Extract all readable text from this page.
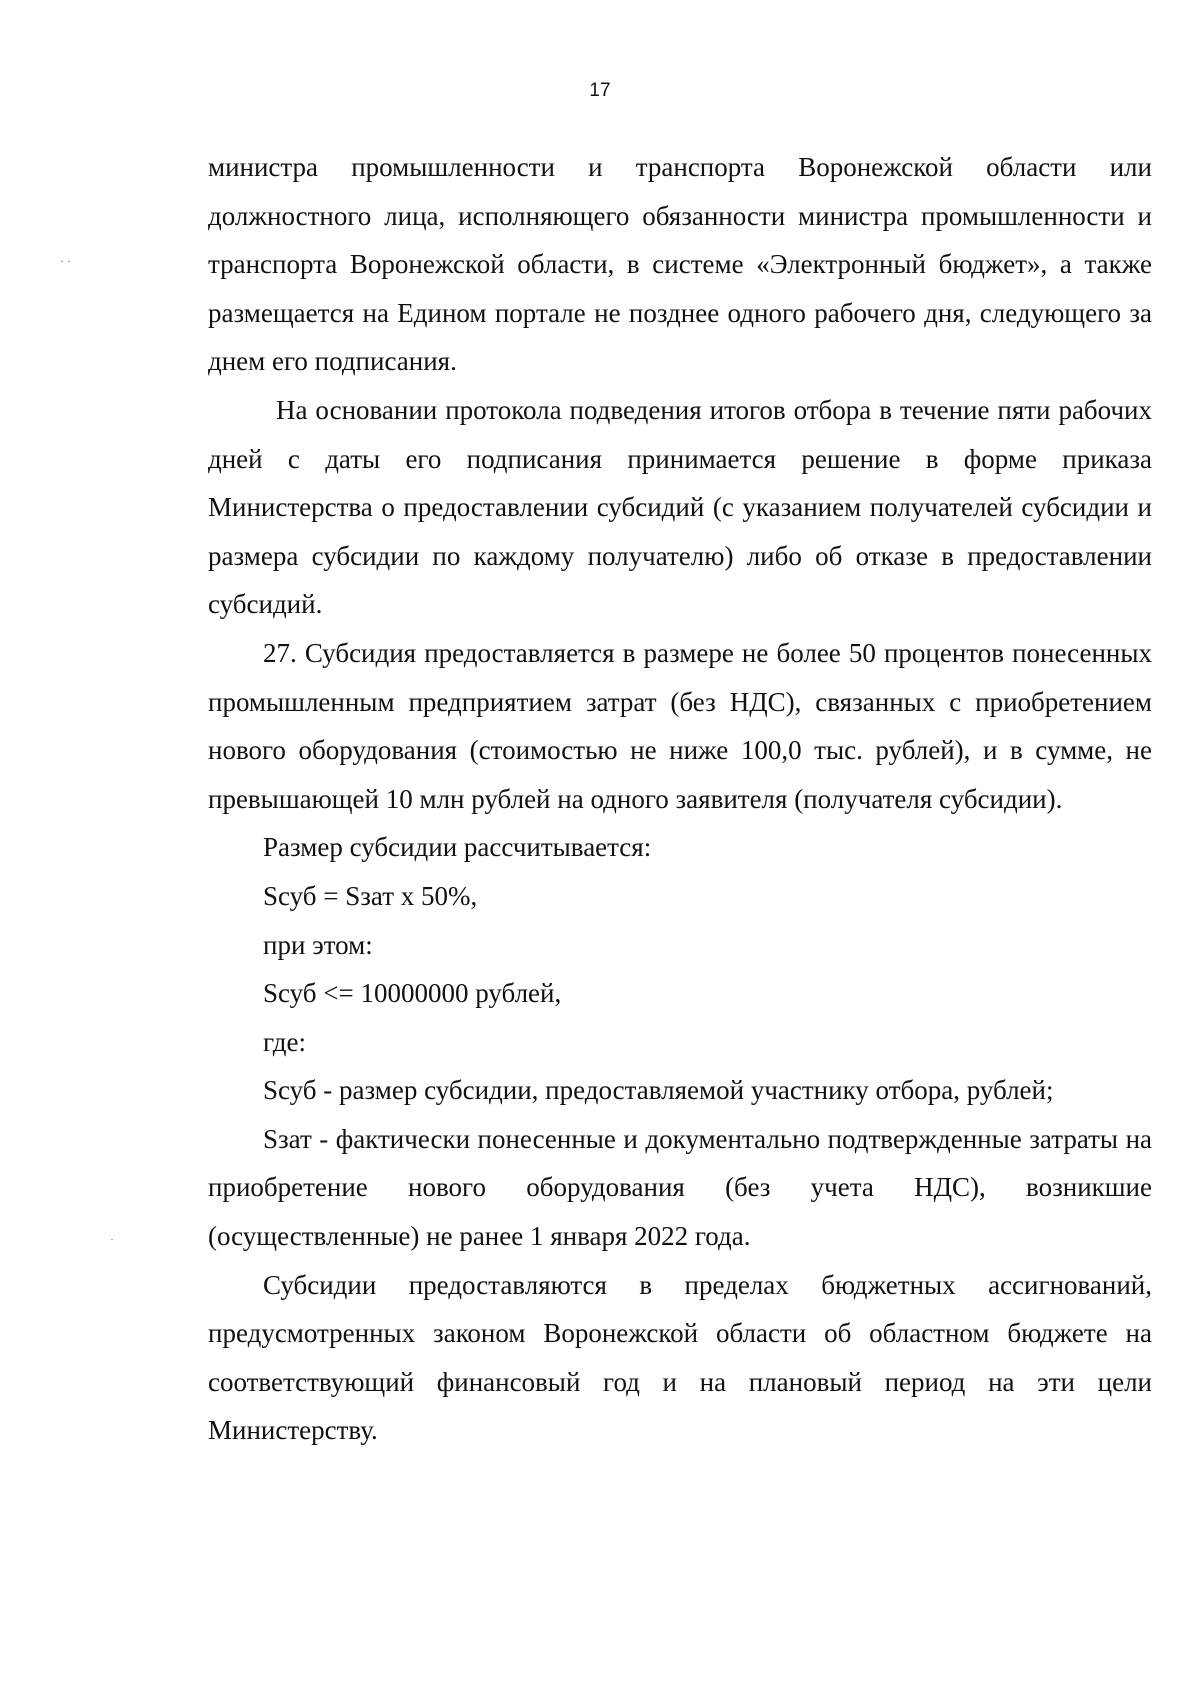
17
· ·
·

министра промышленности и транспорта Воронежской области или должностного лица, исполняющего обязанности министра промышленности и транспорта Воронежской области, в системе «Электронный бюджет», а также размещается на Едином портале не позднее одного рабочего дня, следующего за днем его подписания.

На основании протокола подведения итогов отбора в течение пяти рабочих дней с даты его подписания принимается решение в форме приказа Министерства о предоставлении субсидий (с указанием получателей субсидии и размера субсидии по каждому получателю) либо об отказе в предоставлении субсидий.

27. Субсидия предоставляется в размере не более 50 процентов понесенных промышленным предприятием затрат (без НДС), связанных с приобретением нового оборудования (стоимостью не ниже 100,0 тыс. рублей), и в сумме, не превышающей 10 млн рублей на одного заявителя (получателя субсидии).

Размер субсидии рассчитывается:

Sсуб = Sзат x 50%,

при этом:

Sсуб <= 10000000 рублей,

где:

Sсуб - размер субсидии, предоставляемой участнику отбора, рублей;

Sзат - фактически понесенные и документально подтвержденные затраты на приобретение нового оборудования (без учета НДС), возникшие (осуществленные) не ранее 1 января 2022 года.

Субсидии предоставляются в пределах бюджетных ассигнований, предусмотренных законом Воронежской области об областном бюджете на соответствующий финансовый год и на плановый период на эти цели Министерству.
